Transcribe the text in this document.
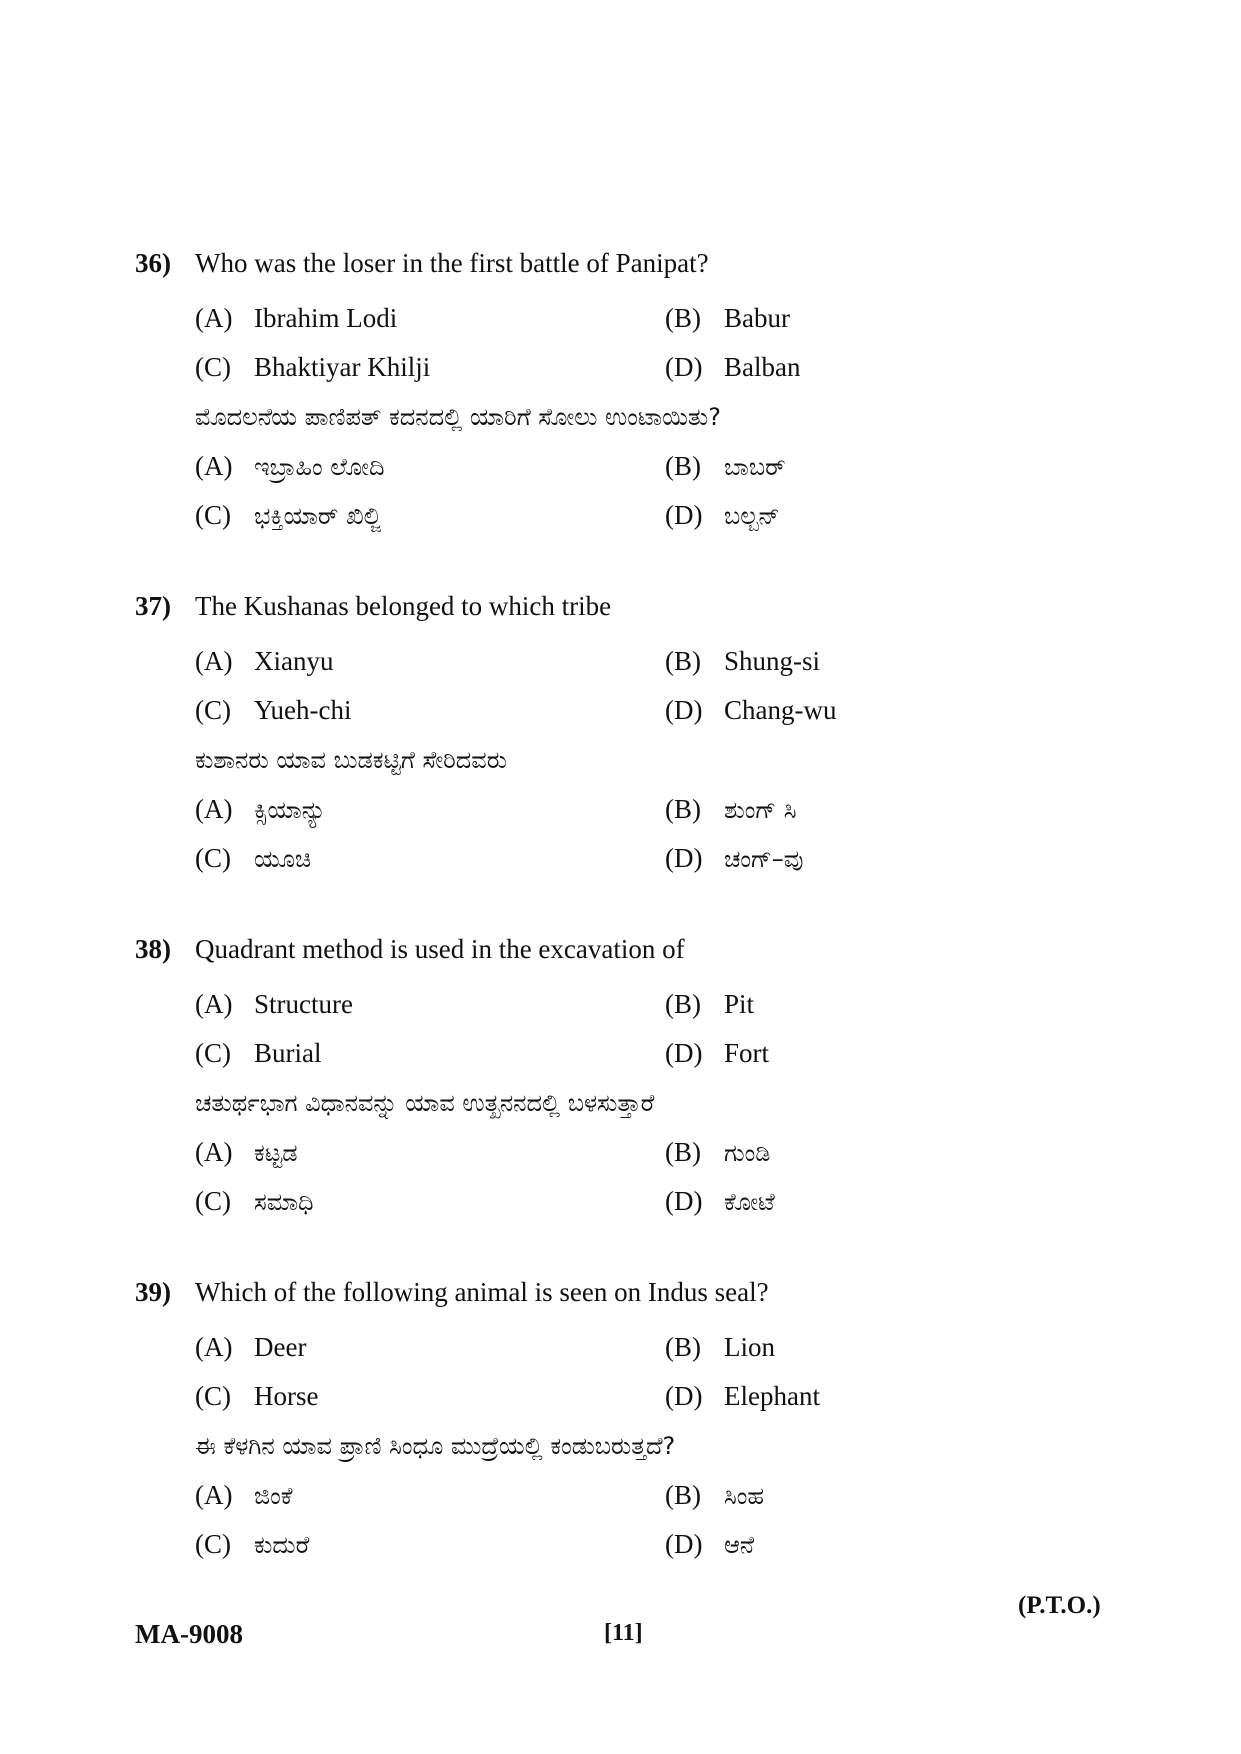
36) Who was the loser in the first battle of Panipat?
(A) Ibrahim Lodi	(B) Babur
(C) Bhaktiyar Khilji	(D) Balban
ಮೊದಲನೆಯ ಪಾಣಿಪತ್ ಕದನದಲ್ಲಿ ಯಾರಿಗೆ ಸೋಲು ಉಂಟಾಯಿತು?
(A) ಇಬ್ರಾಹಿಂ ಲೋದಿ	(B) ಬಾಬರ್
(C) ಭಕ್ತಿಯಾರ್ ಖಿಲ್ಜಿ	(D) ಬಲ್ಬನ್
37) The Kushanas belonged to which tribe
(A) Xianyu	(B) Shung-si
(C) Yueh-chi	(D) Chang-wu
ಕುಶಾನರು ಯಾವ ಬುಡಕಟ್ಟಿಗೆ ಸೇರಿದವರು
(A) ಕ್ಸಿಯಾನ್ಯು	(B) ಶುಂಗ್ ಸಿ
(C) ಯೂಚಿ	(D) ಚಂಗ್–ವು
38) Quadrant method is used in the excavation of
(A) Structure	(B) Pit
(C) Burial	(D) Fort
ಚತುರ್ಥಭಾಗ ವಿಧಾನವನ್ನು ಯಾವ ಉತ್ಖನನದಲ್ಲಿ ಬಳಸುತ್ತಾರೆ
(A) ಕಟ್ಟಡ	(B) ಗುಂಡಿ
(C) ಸಮಾಧಿ	(D) ಕೋಟೆ
39) Which of the following animal is seen on Indus seal?
(A) Deer	(B) Lion
(C) Horse	(D) Elephant
ಈ ಕೆಳಗಿನ ಯಾವ ಪ್ರಾಣಿ ಸಿಂಧೂ ಮುದ್ರೆಯಲ್ಲಿ ಕಂಡುಬರುತ್ತದೆ?
(A) ಜಿಂಕೆ	(B) ಸಿಂಹ
(C) ಕುದುರೆ	(D) ಆನೆ
(P.T.O.)
MA-9008	[11]
